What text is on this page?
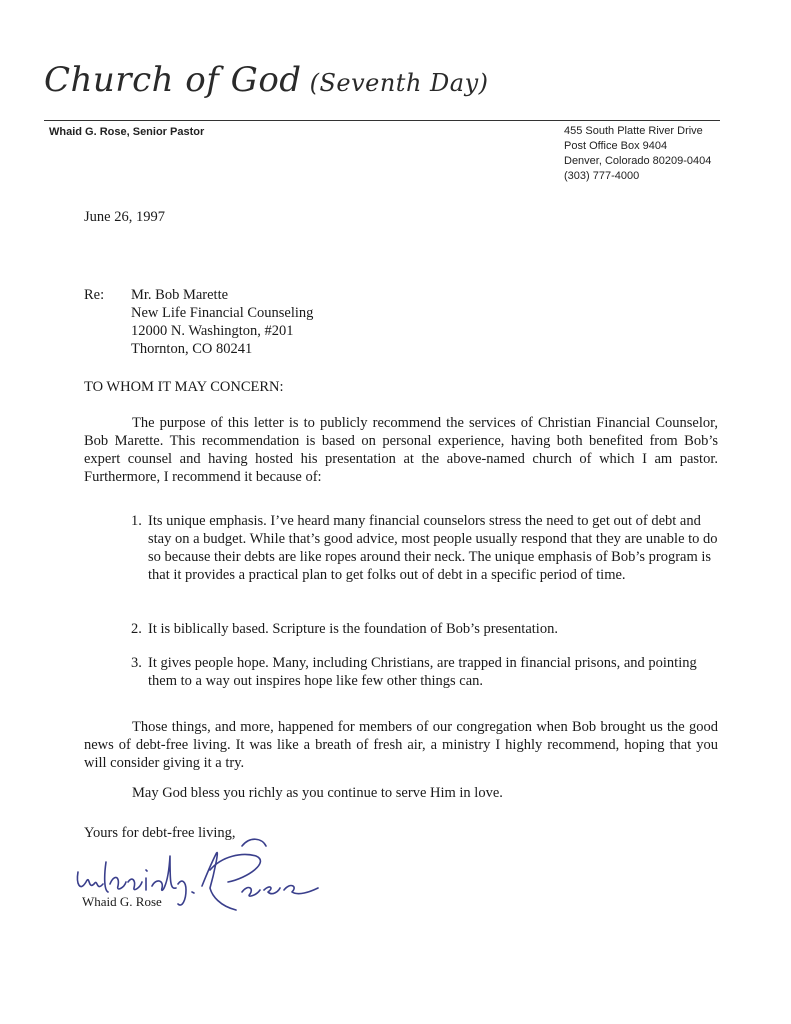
Church of God (Seventh Day)
Whaid G. Rose, Senior Pastor	455 South Platte River Drive
Post Office Box 9404
Denver, Colorado 80209-0404
(303) 777-4000
June 26, 1997
Re: Mr. Bob Marette
New Life Financial Counseling
12000 N. Washington, #201
Thornton, CO 80241
TO WHOM IT MAY CONCERN:
The purpose of this letter is to publicly recommend the services of Christian Financial Counselor, Bob Marette. This recommendation is based on personal experience, having both benefited from Bob’s expert counsel and having hosted his presentation at the above-named church of which I am pastor. Furthermore, I recommend it because of:
1. Its unique emphasis. I’ve heard many financial counselors stress the need to get out of debt and stay on a budget. While that’s good advice, most people usually respond that they are unable to do so because their debts are like ropes around their neck. The unique emphasis of Bob’s program is that it provides a practical plan to get folks out of debt in a specific period of time.
2. It is biblically based. Scripture is the foundation of Bob’s presentation.
3. It gives people hope. Many, including Christians, are trapped in financial prisons, and pointing them to a way out inspires hope like few other things can.
Those things, and more, happened for members of our congregation when Bob brought us the good news of debt-free living. It was like a breath of fresh air, a ministry I highly recommend, hoping that you will consider giving it a try.
May God bless you richly as you continue to serve Him in love.
Yours for debt-free living,
Whaid G. Rose
